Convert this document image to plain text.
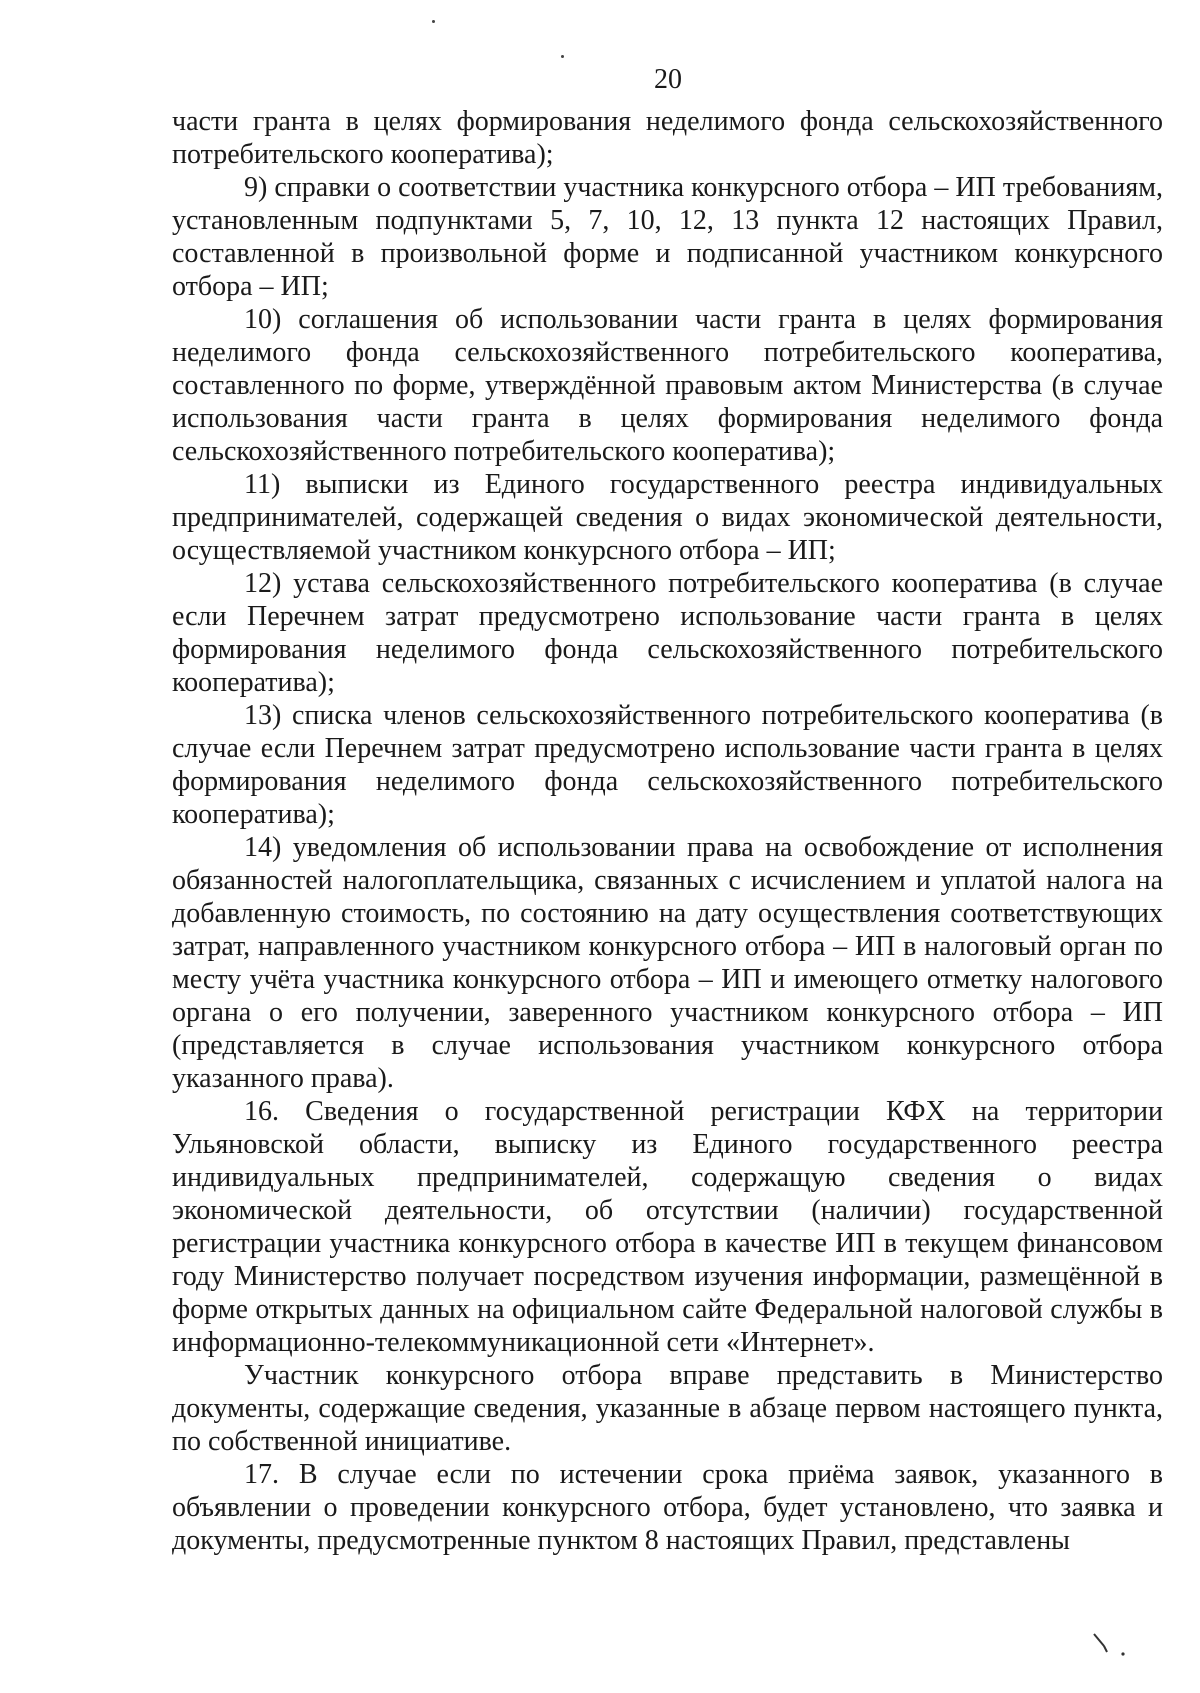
20

части гранта в целях формирования неделимого фонда сельскохозяйственного потребительского кооператива);

9) справки о соответствии участника конкурсного отбора – ИП требованиям, установленным подпунктами 5, 7, 10, 12, 13 пункта 12 настоящих Правил, составленной в произвольной форме и подписанной участником конкурсного отбора – ИП;

10) соглашения об использовании части гранта в целях формирования неделимого фонда сельскохозяйственного потребительского кооператива, составленного по форме, утверждённой правовым актом Министерства (в случае использования части гранта в целях формирования неделимого фонда сельскохозяйственного потребительского кооператива);

11) выписки из Единого государственного реестра индивидуальных предпринимателей, содержащей сведения о видах экономической деятельности, осуществляемой участником конкурсного отбора – ИП;

12) устава сельскохозяйственного потребительского кооператива (в случае если Перечнем затрат предусмотрено использование части гранта в целях формирования неделимого фонда сельскохозяйственного потребительского кооператива);

13) списка членов сельскохозяйственного потребительского кооператива (в случае если Перечнем затрат предусмотрено использование части гранта в целях формирования неделимого фонда сельскохозяйственного потребительского кооператива);

14) уведомления об использовании права на освобождение от исполнения обязанностей налогоплательщика, связанных с исчислением и уплатой налога на добавленную стоимость, по состоянию на дату осуществления соответствующих затрат, направленного участником конкурсного отбора – ИП в налоговый орган по месту учёта участника конкурсного отбора – ИП и имеющего отметку налогового органа о его получении, заверенного участником конкурсного отбора – ИП (представляется в случае использования участником конкурсного отбора указанного права).

16. Сведения о государственной регистрации КФХ на территории Ульяновской области, выписку из Единого государственного реестра индивидуальных предпринимателей, содержащую сведения о видах экономической деятельности, об отсутствии (наличии) государственной регистрации участника конкурсного отбора в качестве ИП в текущем финансовом году Министерство получает посредством изучения информации, размещённой в форме открытых данных на официальном сайте Федеральной налоговой службы в информационно-телекоммуникационной сети «Интернет».

Участник конкурсного отбора вправе представить в Министерство документы, содержащие сведения, указанные в абзаце первом настоящего пункта, по собственной инициативе.

17. В случае если по истечении срока приёма заявок, указанного в объявлении о проведении конкурсного отбора, будет установлено, что заявка и документы, предусмотренные пунктом 8 настоящих Правил, представлены
